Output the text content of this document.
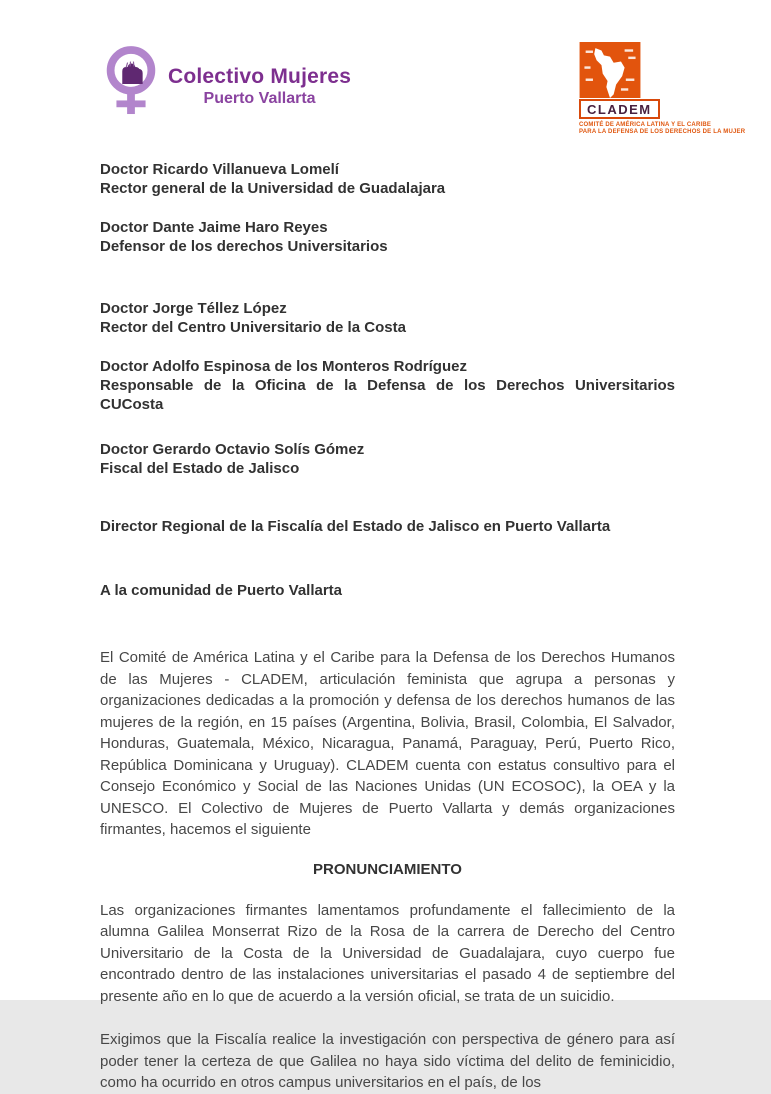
Colectivo Mujeres
Puerto Vallarta
CLADEM
COMITÉ DE AMÉRICA LATINA Y EL CARIBE
PARA LA DEFENSA DE LOS DERECHOS DE LA MUJER
Doctor Ricardo Villanueva Lomelí
Rector general de la Universidad de Guadalajara
Doctor Dante Jaime Haro Reyes
Defensor de los derechos Universitarios
Doctor Jorge Téllez López
Rector del Centro Universitario de la Costa
Doctor Adolfo Espinosa de los Monteros Rodríguez
Responsable de la Oficina de la Defensa de los Derechos Universitarios CUCosta
Doctor Gerardo Octavio Solís Gómez
Fiscal del Estado de Jalisco
Director Regional de la Fiscalía del Estado de Jalisco en Puerto Vallarta
A la comunidad de Puerto Vallarta

El Comité de América Latina y el Caribe para la Defensa de los Derechos Humanos de las Mujeres - CLADEM, articulación feminista que agrupa a personas y organizaciones dedicadas a la promoción y defensa de los derechos humanos de las mujeres de la región, en 15 países (Argentina, Bolivia, Brasil, Colombia, El Salvador, Honduras, Guatemala, México, Nicaragua, Panamá, Paraguay, Perú, Puerto Rico, República Dominicana y Uruguay). CLADEM cuenta con estatus consultivo para el Consejo Económico y Social de las Naciones Unidas (UN ECOSOC), la OEA y la UNESCO. El Colectivo de Mujeres de Puerto Vallarta y demás organizaciones firmantes, hacemos el siguiente

PRONUNCIAMIENTO

Las organizaciones firmantes lamentamos profundamente el fallecimiento de la alumna Galilea Monserrat Rizo de la Rosa de la carrera de Derecho del Centro Universitario de la Costa de la Universidad de Guadalajara, cuyo cuerpo fue encontrado dentro de las instalaciones universitarias el pasado 4 de septiembre del presente año en lo que de acuerdo a la versión oficial, se trata de un suicidio.

Exigimos que la Fiscalía realice la investigación con perspectiva de género para así poder tener la certeza de que Galilea no haya sido víctima del delito de feminicidio, como ha ocurrido en otros campus universitarios en el país, de los
